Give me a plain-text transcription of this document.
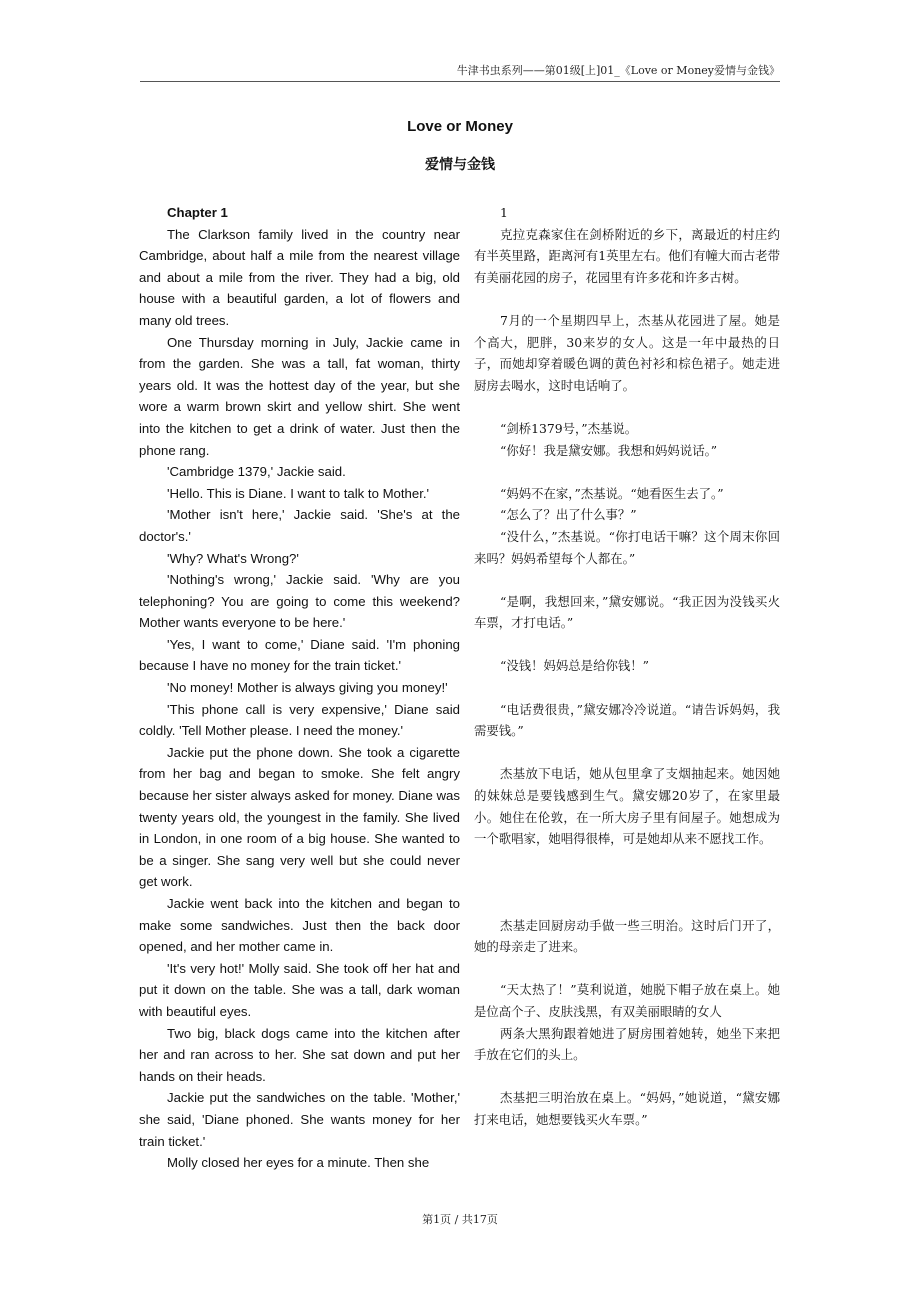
牛津书虫系列——第01级[上]01_《Love or Money爱情与金钱》
Love or Money
爱情与金钱

Chapter 1

The Clarkson family lived in the country near Cambridge, about half a mile from the nearest village and about a mile from the river. They had a big, old house with a beautiful garden, a lot of flowers and many old trees.

One Thursday morning in July, Jackie came in from the garden. She was a tall, fat woman, thirty years old. It was the hottest day of the year, but she wore a warm brown skirt and yellow shirt. She went into the kitchen to get a drink of water. Just then the phone rang.

'Cambridge 1379,' Jackie said.

'Hello. This is Diane. I want to talk to Mother.'

'Mother isn't here,' Jackie said. 'She's at the doctor's.'

'Why? What's Wrong?'

'Nothing's wrong,' Jackie said. 'Why are you telephoning? You are going to come this weekend? Mother wants everyone to be here.'

'Yes, I want to come,' Diane said. 'I'm phoning because I have no money for the train ticket.'

'No money! Mother is always giving you money!'

'This phone call is very expensive,' Diane said coldly. 'Tell Mother please. I need the money.'

Jackie put the phone down. She took a cigarette from her bag and began to smoke. She felt angry because her sister always asked for money. Diane was twenty years old, the youngest in the family. She lived in London, in one room of a big house. She wanted to be a singer. She sang very well but she could never get work.

Jackie went back into the kitchen and began to make some sandwiches. Just then the back door opened, and her mother came in.

'It's very hot!' Molly said. She took off her hat and put it down on the table. She was a tall, dark woman with beautiful eyes.

Two big, black dogs came into the kitchen after her and ran across to her. She sat down and put her hands on their heads.

Jackie put the sandwiches on the table. 'Mother,' she said, 'Diane phoned. She wants money for her train ticket.'

Molly closed her eyes for a minute. Then she

1

克拉克森家住在剑桥附近的乡下，离最近的村庄约有半英里路，距离河有1英里左右。他们有幢大而古老带有美丽花园的房子，花园里有许多花和许多古树。

7月的一个星期四早上，杰基从花园进了屋。她是个高大，肥胖，30来岁的女人。这是一年中最热的日子，而她却穿着暖色调的黄色衬衫和棕色裙子。她走进厨房去喝水，这时电话响了。

“剑桥1379号，”杰基说。

“你好！我是黛安娜。我想和妈妈说话。”

“妈妈不在家，”杰基说。“她看医生去了。”

“怎么了？出了什么事？”

“没什么，”杰基说。“你打电话干嘛？这个周末你回来吗？妈妈希望每个人都在。”

“是啊，我想回来，”黛安娜说。“我正因为没钱买火车票，才打电话。”

“没钱！妈妈总是给你钱！”

“电话费很贵，”黛安娜冷冷说道。“请告诉妈妈，我需要钱。”

杰基放下电话，她从包里拿了支烟抽起来。她因她的妹妹总是要钱感到生气。黛安娜20岁了，在家里最小。她住在伦敦，在一所大房子里有间屋子。她想成为一个歌唱家，她唱得很棒，可是她却从来不愿找工作。

杰基走回厨房动手做一些三明治。这时后门开了，她的母亲走了进来。

“天太热了！”莫利说道，她脱下帽子放在桌上。她是位高个子、皮肤浅黑，有双美丽眼睛的女人

两条大黑狗跟着她进了厨房围着她转，她坐下来把手放在它们的头上。

杰基把三明治放在桌上。“妈妈，”她说道，“黛安娜打来电话，她想要钱买火车票。”

第1页 / 共17页
